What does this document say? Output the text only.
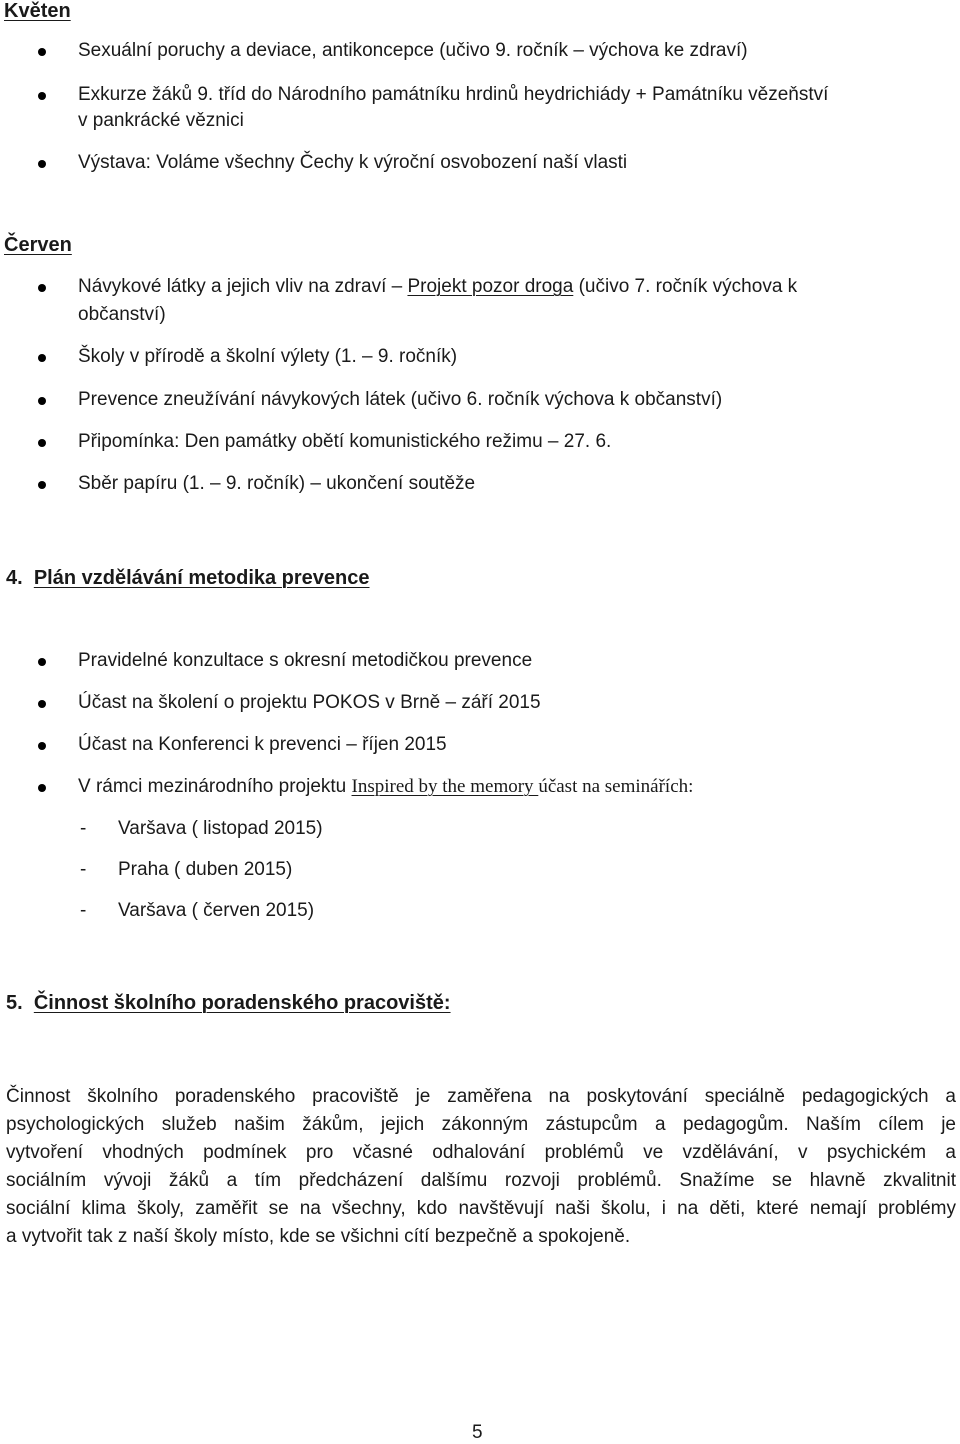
Květen
Sexuální poruchy a deviace, antikoncepce (učivo 9. ročník – výchova ke zdraví)
Exkurze žáků 9. tříd do Národního památníku hrdinů heydrichiády + Památníku vězeňství
v pankrácké věznici
Výstava: Voláme všechny Čechy k výroční osvobození naší vlasti
Červen
Návykové látky a jejich vliv na zdraví – Projekt pozor droga (učivo 7. ročník výchova k
občanství)
Školy v přírodě a školní výlety (1. – 9. ročník)
Prevence zneužívání návykových látek (učivo 6. ročník výchova k občanství)
Připomínka: Den památky obětí komunistického režimu – 27. 6.
Sběr papíru (1. – 9. ročník) – ukončení soutěže
4. Plán vzdělávání metodika prevence
Pravidelné konzultace s okresní metodičkou prevence
Účast na školení o projektu POKOS v Brně – září 2015
Účast na Konferenci k prevenci – říjen 2015
V rámci mezinárodního projektu Inspired by the memory účast na seminářích:
- Varšava ( listopad 2015)
- Praha ( duben 2015)
- Varšava ( červen 2015)
5. Činnost školního poradenského pracoviště:
Činnost školního poradenského pracoviště je zaměřena na poskytování speciálně pedagogických a
psychologických služeb našim žákům, jejich zákonným zástupcům a pedagogům. Naším cílem je
vytvoření vhodných podmínek pro včasné odhalování problémů ve vzdělávání, v psychickém a
sociálním vývoji žáků a tím předcházení dalšímu rozvoji problémů. Snažíme se hlavně zkvalitnit
sociální klima školy, zaměřit se na všechny, kdo navštěvují naši školu, i na děti, které nemají problémy
a vytvořit tak z naší školy místo, kde se všichni cítí bezpečně a spokojeně.
5
